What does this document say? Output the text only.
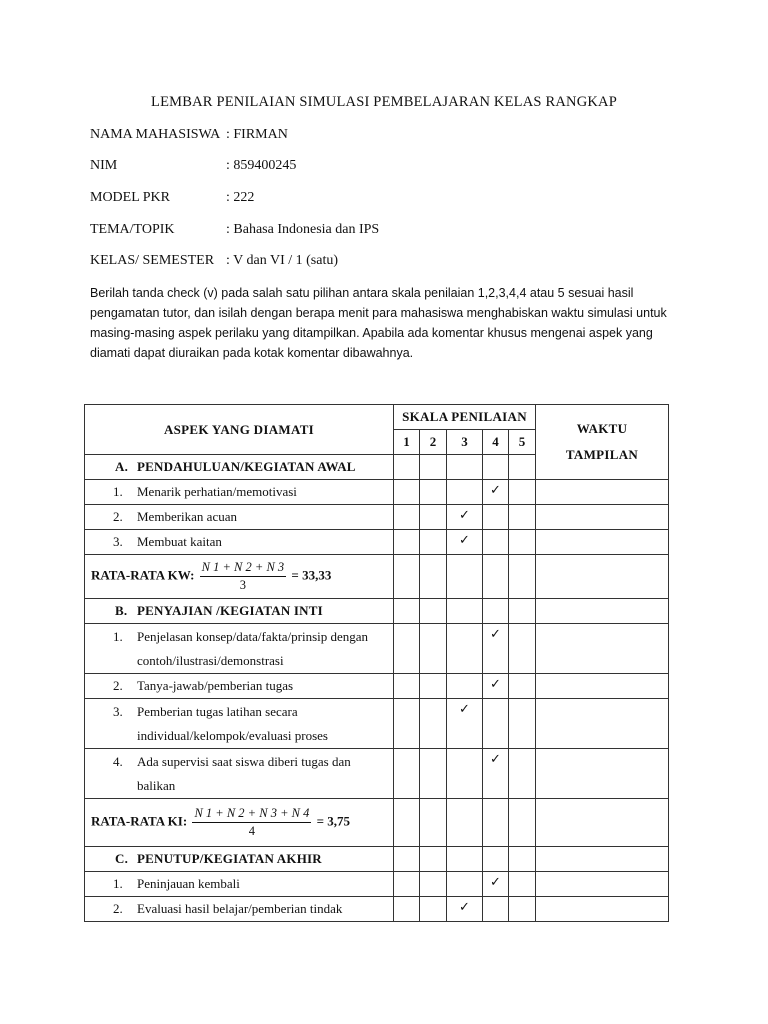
LEMBAR PENILAIAN SIMULASI PEMBELAJARAN KELAS RANGKAP
NAMA MAHASISWA : FIRMAN
NIM	: 859400245
MODEL PKR	: 222
TEMA/TOPIK	: Bahasa Indonesia dan IPS
KELAS/ SEMESTER : V dan VI / 1 (satu)
Berilah tanda check (v) pada salah satu pilihan antara skala penilaian 1,2,3,4,4 atau 5 sesuai hasil
pengamatan tutor, dan isilah dengan berapa menit para mahasiswa menghabiskan waktu simulasi untuk
masing-masing aspek perilaku yang ditampilkan. Apabila ada komentar khusus mengenai aspek yang
diamati dapat diuraikan pada kotak komentar dibawahnya.
ASPEK YANG DIAMATI	SKALA PENILAIAN					WAKTU
TAMPILAN

	1	2	3	4	5	
A. PENDAHULUAN/KEGIATAN AWAL						
1. Menarik perhatian/memotivasi				✓		
2. Memberikan acuan			✓			
3. Membuat kaitan			✓			
RATA-RATA KW: $\frac{N 1 + N 2 + N 3}{3} = 33,33$						
B. PENYAJIAN /KEGIATAN INTI						
1. Penjelasan konsep/data/fakta/prinsip dengan
contoh/ilustrasi/demonstrasi				✓		
2. Tanya-jawab/pemberian tugas				✓		
3. Pemberian tugas latihan secara
individual/kelompok/evaluasi proses			✓			
4. Ada supervisi saat siswa diberi tugas dan
balikan				✓		
RATA-RATA KI: $\frac{N 1 + N 2 + N 3 + N 4}{4} = 3,75$						
C. PENUTUP/KEGIATAN AKHIR						
1. Peninjauan kembali				✓		
2. Evaluasi hasil belajar/pemberian tindak			✓			
